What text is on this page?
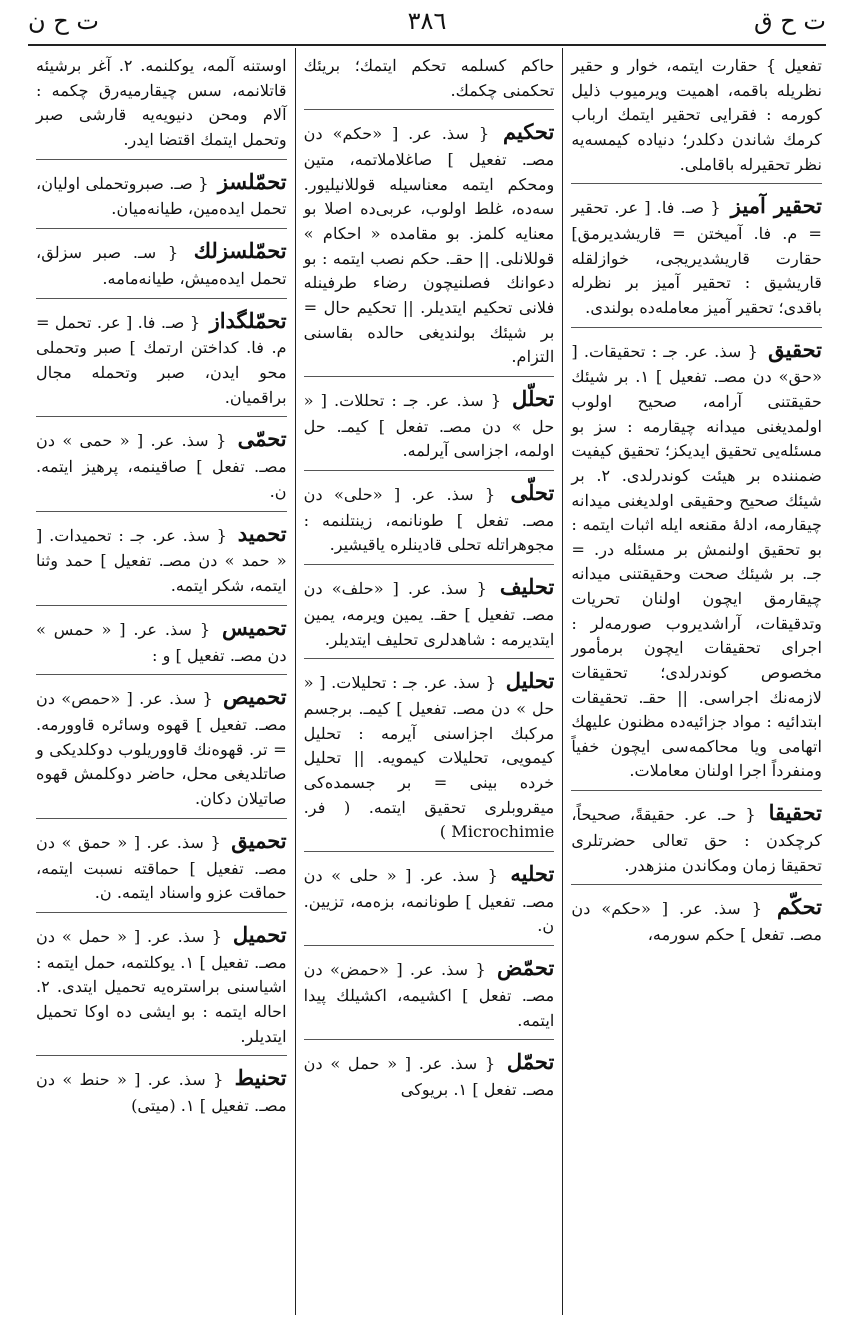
ت ح ق
٣٨٦
ت ح ن
تفعيل } حقارت ايتمه، خوار و حقير نظريله باقمه، اهميت ويرميوب ذليل كورمه : فقرايى تحقير ايتمك ارباب كرمك شاندن دكلدر؛ دنياده كيمسه‌يه نظر تحقيرله باقاملى.
تحقير آميز { صـ. فا. [ عر. تحقير = م. فا. آميختن = قاريشديرمق] حقارت قاريشديريجى، خوازلقله قاريشيق : تحقير آميز بر نظرله باقدى؛ تحقير آميز معامله‌ده بولندى.
تحقيق { سذ. عر. جـ : تحقيقات. [ «حق» دن مصـ. تفعيل ] ١. بر شيئك حقيقتنى آرامه، صحيح اولوب اولمديغنى ميدانه چيقارمه : سز بو مسئله‌يى تحقيق ايديكز؛ تحقيق كيفيت ضمننده بر هيئت كوندرلدى. ٢. بر شيئك صحيح وحقيقى اولديغنى ميدانه چيقارمه، ادلهٔ مقنعه ايله اثبات ايتمه : بو تحقيق اولنمش بر مسئله در. = جـ. بر شيئك صحت وحقيقتنى ميدانه چيقارمق ايچون اولنان تحريات وتدقيقات، آراشديروب صورمه‌لر : اجراى تحقيقات ايچون برمأمور مخصوص كوندرلدى؛ تحقيقات لازمه‌نك اجراسى. || حقـ. تحقيقات ابتدائيه : مواد جزائيه‌ده مظنون عليهك اتهامى ويا محاكمه‌سى ايچون خفياً ومنفرداً اجرا اولنان معاملات.
تحقيقا { حـ. عر. حقيقةً، صحيحاً، كرچكدن : حق تعالى حضرتلرى تحقيقا زمان ومكاندن منزهدر.
تحكّم { سذ. عر. [ «حكم» دن مصـ. تفعل ] حكم سورمه،
حاكم كسلمه تحكم ايتمك؛ بريئك تحكمنى چكمك.
تحكيم { سذ. عر. [ «حكم» دن مصـ. تفعيل ] صاغلاملاتمه، متين ومحكم ايتمه معناسيله قوللانيليور. سه‌ده، غلط اولوب، عربى‌ده اصلا بو معنايه كلمز. بو مقامده « احكام » قوللانلى. || حقـ. حكم نصب ايتمه : بو دعوانك فصلنيچون رضاء طرفينله فلانى تحكيم ايتديلر. || تحكيم حال = بر شيئك بولنديغى حالده بقاسنى التزام.
تحلّل { سذ. عر. جـ : تحللات. [ « حل » دن مصـ. تفعل ] كيمـ. حل اولمه، اجزاسى آيرلمه.
تحلّى { سذ. عر. [ «حلى» دن مصـ. تفعل ] طونانمه، زينتلنمه : مجوهراتله تحلى قادينلره ياقيشير.
تحليف { سذ. عر. [ «حلف» دن مصـ. تفعيل ] حقـ. يمين ويرمه، يمين ايتديرمه : شاهدلرى تحليف ايتديلر.
تحليل { سذ. عر. جـ : تحليلات. [ « حل » دن مصـ. تفعيل ] كيمـ. برجسم مركبك اجزاسنى آيرمه : تحليل كيمويى، تحليلات كيمويه. || تحليل خرده بينى = بر جسمده‌كى ميقروبلرى تحقيق ايتمه. ( فر. Microchimie )
تحليه { سذ. عر. [ « حلى » دن مصـ. تفعيل ] طونانمه، بزه‌مه، تزيين. ن.
تحمّض { سذ. عر. [ «حمض» دن مصـ. تفعل ] اكشيمه، اكشيلك پيدا ايتمه.
تحمّل { سذ. عر. [ « حمل » دن مصـ. تفعل ] ١. بريوكى
اوستنه آلمه، يوكلنمه. ٢. آغر برشيئه قاتلانمه، سس چيقارميه‌رق چكمه : آلام ومحن دنيويه‌يه قارشى صبر وتحمل ايتمك اقتضا ايدر.
تحمّلسز { صـ. صبروتحملى اوليان، تحمل ايده‌مين، طيانه‌ميان.
تحمّلسزلك { سـ. صبر سزلق، تحمل ايده‌ميش، طيانه‌مامه.
تحمّلگداز { صـ. فا. [ عر. تحمل = م. فا. كداختن ارتمك ] صبر وتحملى محو ايدن، صبر وتحمله مجال براقميان.
تحمّى { سذ. عر. [ « حمى » دن مصـ. تفعل ] صاقينمه، پرهيز ايتمه. ن.
تحميد { سذ. عر. جـ : تحميدات. [ « حمد » دن مصـ. تفعيل ] حمد وثنا ايتمه، شكر ايتمه.
تحميس { سذ. عر. [ « حمس » دن مصـ. تفعيل ] و :
تحميص { سذ. عر. [ «حمص» دن مصـ. تفعيل ] قهوه وسائره قاوورمه. = تر. قهوه‌نك قاووريلوب دوكلديكى و صاتلديغى محل، حاضر دوكلمش قهوه صاتيلان دكان.
تحميق { سذ. عر. [ « حمق » دن مصـ. تفعيل ] حماقته نسبت ايتمه، حماقت عزو واسناد ايتمه. ن.
تحميل { سذ. عر. [ « حمل » دن مصـ. تفعيل ] ١. يوكلتمه، حمل ايتمه : اشياسنى براستره‌يه تحميل ايتدى. ٢. احاله ايتمه : بو ايشى ده اوكا تحميل ايتديلر.
تحنيط { سذ. عر. [ « حنط » دن مصـ. تفعيل ] ١. (ميتى)
